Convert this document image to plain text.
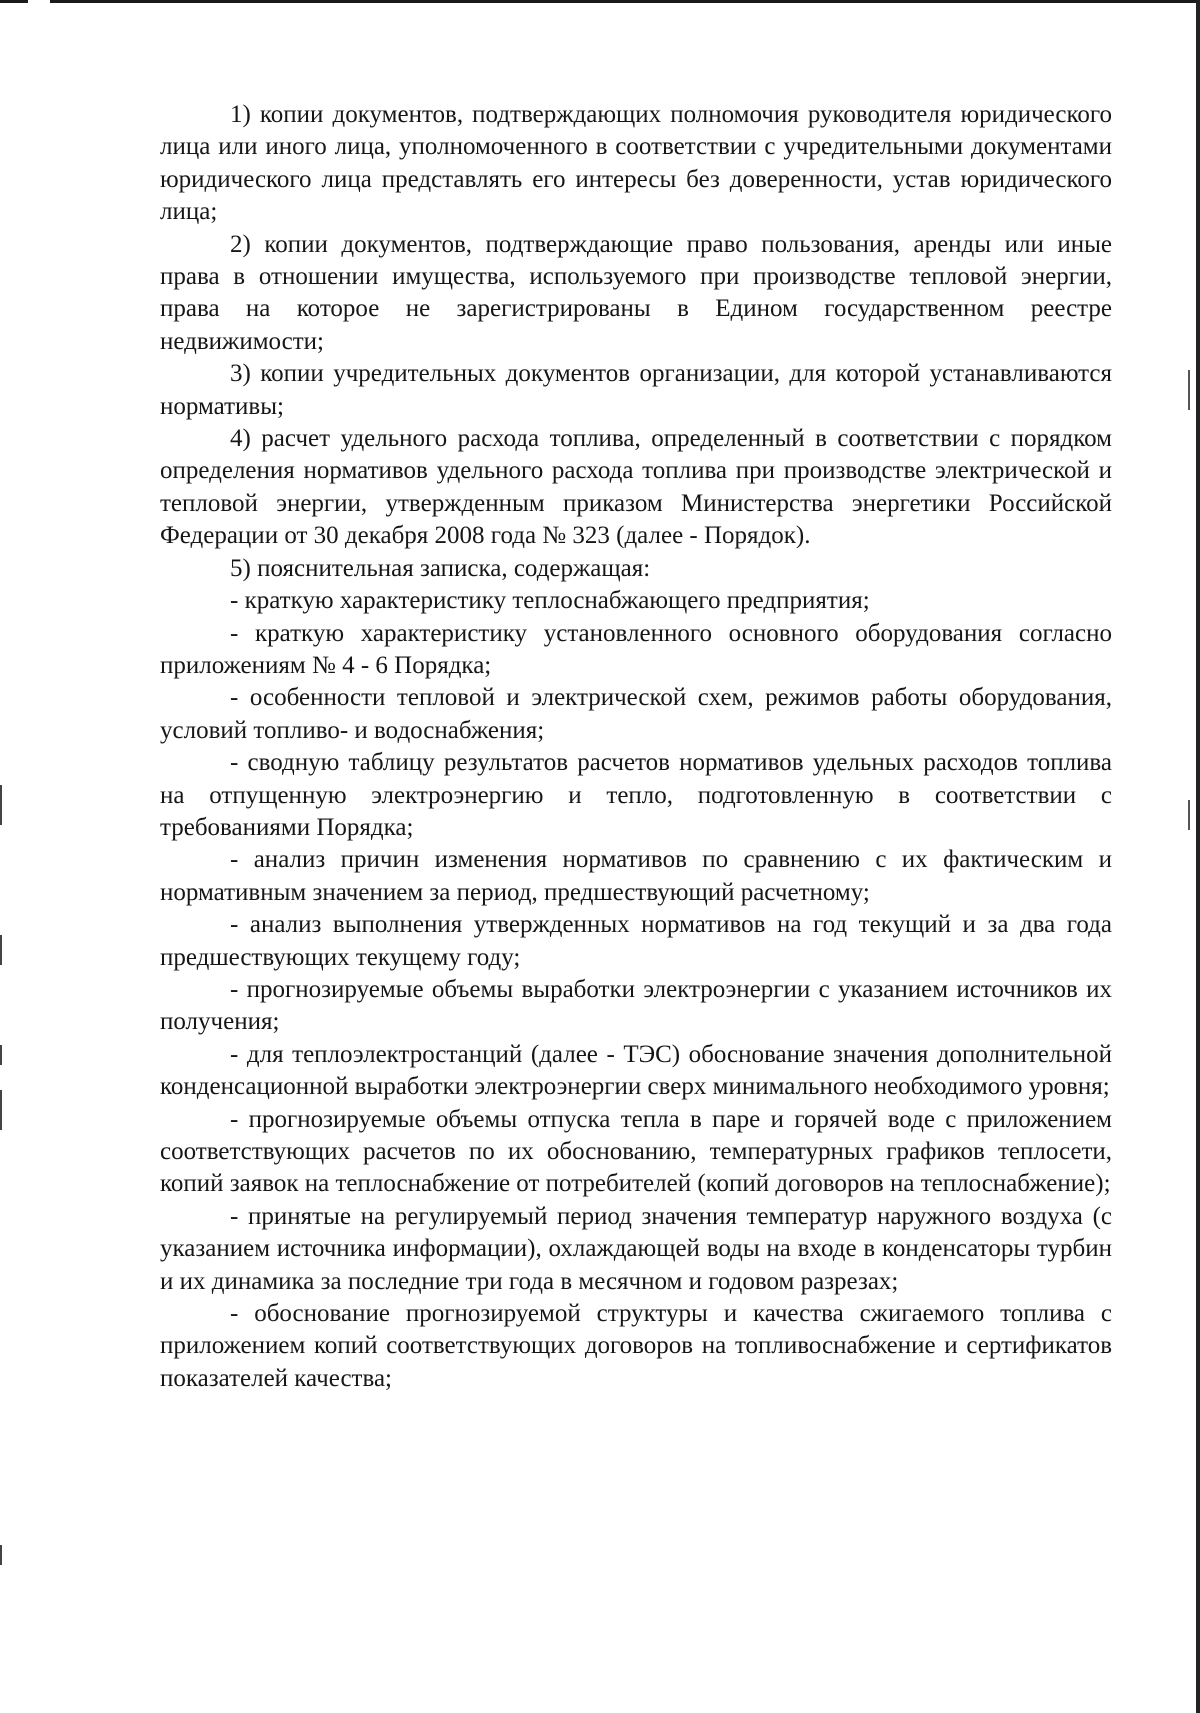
1) копии документов, подтверждающих полномочия руководителя юридического лица или иного лица, уполномоченного в соответствии с учредительными документами юридического лица представлять его интересы без доверенности, устав юридического лица;

2) копии документов, подтверждающие право пользования, аренды или иные права в отношении имущества, используемого при производстве тепловой энергии, права на которое не зарегистрированы в Едином государственном реестре недвижимости;

3) копии учредительных документов организации, для которой устанавливаются нормативы;

4) расчет удельного расхода топлива, определенный в соответствии с порядком определения нормативов удельного расхода топлива при производстве электрической и тепловой энергии, утвержденным приказом Министерства энергетики Российской Федерации от 30 декабря 2008 года № 323 (далее - Порядок).

5) пояснительная записка, содержащая:

- краткую характеристику теплоснабжающего предприятия;

- краткую характеристику установленного основного оборудования согласно приложениям № 4 - 6 Порядка;

- особенности тепловой и электрической схем, режимов работы оборудования, условий топливо- и водоснабжения;

- сводную таблицу результатов расчетов нормативов удельных расходов топлива на отпущенную электроэнергию и тепло, подготовленную в соответствии с требованиями Порядка;

- анализ причин изменения нормативов по сравнению с их фактическим и нормативным значением за период, предшествующий расчетному;

- анализ выполнения утвержденных нормативов на год текущий и за два года предшествующих текущему году;

- прогнозируемые объемы выработки электроэнергии с указанием источников их получения;

- для теплоэлектростанций (далее - ТЭС) обоснование значения дополнительной конденсационной выработки электроэнергии сверх минимального необходимого уровня;

- прогнозируемые объемы отпуска тепла в паре и горячей воде с приложением соответствующих расчетов по их обоснованию, температурных графиков теплосети, копий заявок на теплоснабжение от потребителей (копий договоров на теплоснабжение);

- принятые на регулируемый период значения температур наружного воздуха (с указанием источника информации), охлаждающей воды на входе в конденсаторы турбин и их динамика за последние три года в месячном и годовом разрезах;

- обоснование прогнозируемой структуры и качества сжигаемого топлива с приложением копий соответствующих договоров на топливоснабжение и сертификатов показателей качества;
